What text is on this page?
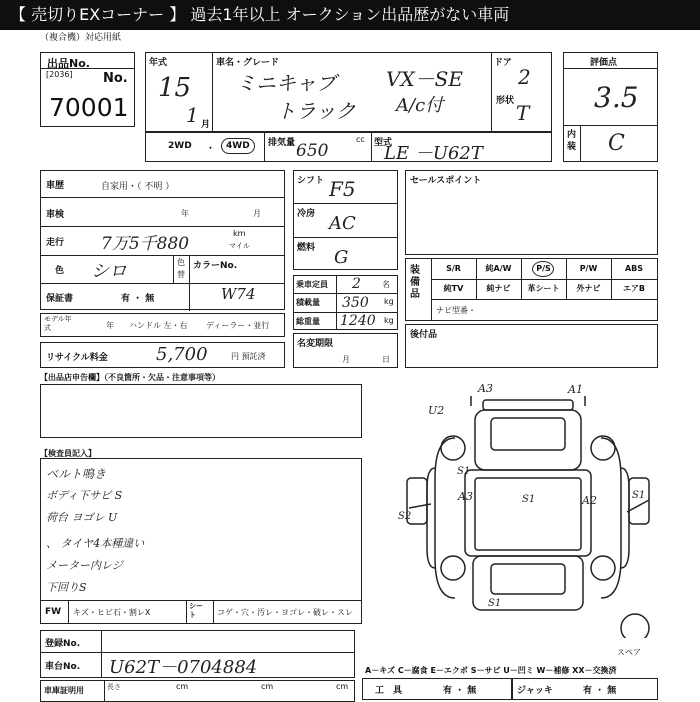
【 売切りEXコーナー 】 過去1年以上 オークション出品歴がない車両
（複合機）対応用紙
出品No.
[2036] No.
70001
年式
15
1 月
車名・グレード
ミニキャブ
トラック
VX－SE
A/c付
ドア
2
形状 T
評価点
3.5
内装 C
2WD ・	4WD	排気量 650
cc 型式
LE －U62T
車歴	自家用・（ 不明 ）
車検	年	月
走行 7万5千880
km
マイル
色 シロ	色
替
カラーNo.
W74
保証書	有 ・ 無
モデル年式	年 ハンドル 左・右 ディーラー・並行
リサイクル料金	5,700	円 預託済
シフト F5
冷房 AC
燃料 G
乗車定員 2	名
積載量 350 kg
総重量 1240 kg
名変期限
月	日
セールスポイント
装備品
S/R	純A/W	P/S	P/W	ABS
純TV	純ナビ	革シート	外ナビ	エアB
ナビ型番・
後付品
【出品店申告欄】（不良箇所・欠品・注意事項等）
【検査員記入】
ベルト鳴き
ボディ下サビ S
荷台 ヨゴレ U
、 タイヤ4本種違い
メーター内レジ
下回りS
FW キズ・ヒビ石・割レX
シート	コゲ・穴・汚レ・ヨゴレ・破レ・スレ
登録No.
車台No. U62T－0704884
車庫証明用	長さ	cm	cm	cm
A3	A1
U2
S1
A3	S1	A2
S2
S1
S1
スペア
A－キズ C－腐食 E－エクボ S－サビ U－凹ミ W－補修 XX－交換済
工　具	有 ・ 無	ジャッキ	有 ・ 無
